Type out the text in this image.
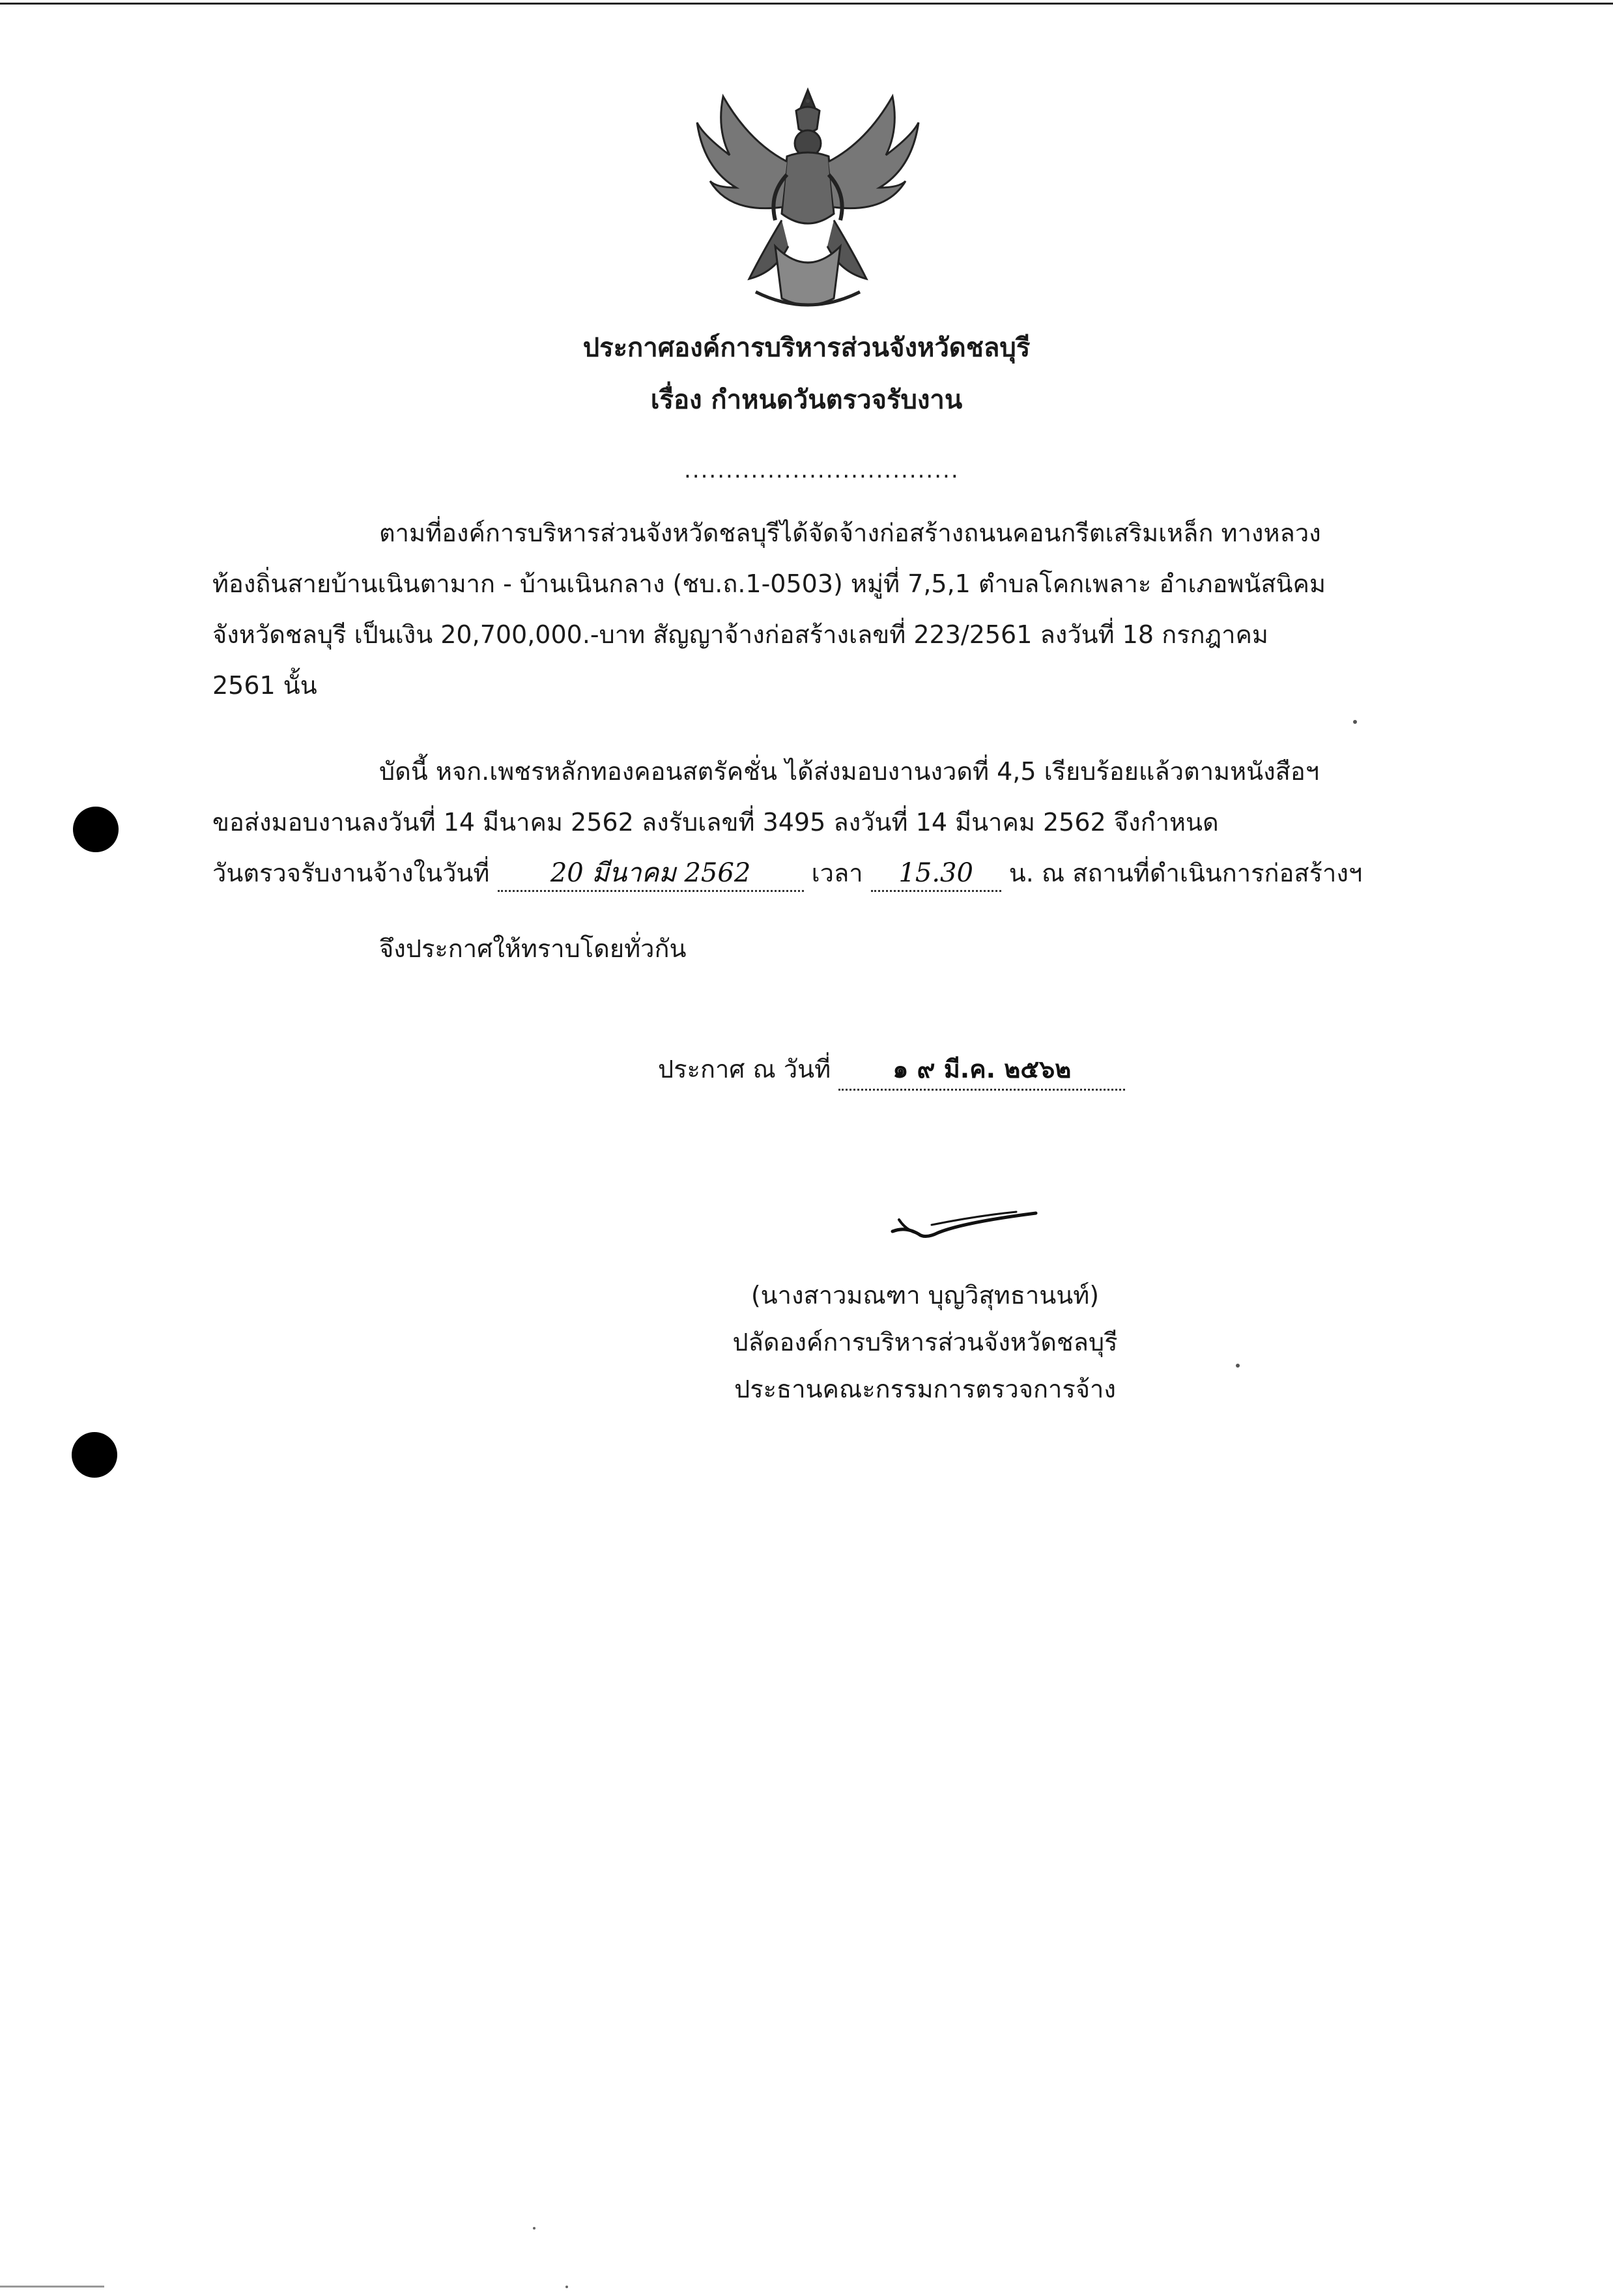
ประกาศองค์การบริหารส่วนจังหวัดชลบุรี
เรื่อง กำหนดวันตรวจรับงาน
.................................
ตามที่องค์การบริหารส่วนจังหวัดชลบุรีได้จัดจ้างก่อสร้างถนนคอนกรีตเสริมเหล็ก ทางหลวง
ท้องถิ่นสายบ้านเนินตามาก - บ้านเนินกลาง (ชบ.ถ.1-0503) หมู่ที่ 7,5,1 ตำบลโคกเพลาะ อำเภอพนัสนิคม
จังหวัดชลบุรี เป็นเงิน 20,700,000.-บาท สัญญาจ้างก่อสร้างเลขที่ 223/2561 ลงวันที่ 18 กรกฎาคม
2561 นั้น
บัดนี้ หจก.เพชรหลักทองคอนสตรัคชั่น ได้ส่งมอบงานงวดที่ 4,5 เรียบร้อยแล้วตามหนังสือฯ
ขอส่งมอบงานลงวันที่ 14 มีนาคม 2562 ลงรับเลขที่ 3495 ลงวันที่ 14 มีนาคม 2562 จึงกำหนด
วันตรวจรับงานจ้างในวันที่ 20 มีนาคม 2562 เวลา 15.30 น. ณ สถานที่ดำเนินการก่อสร้างฯ
จึงประกาศให้ทราบโดยทั่วกัน
ประกาศ ณ วันที่	๑ ๙ มี.ค. ๒๕๖๒
(นางสาวมณฑา บุญวิสุทธานนท์)
ปลัดองค์การบริหารส่วนจังหวัดชลบุรี
ประธานคณะกรรมการตรวจการจ้าง
